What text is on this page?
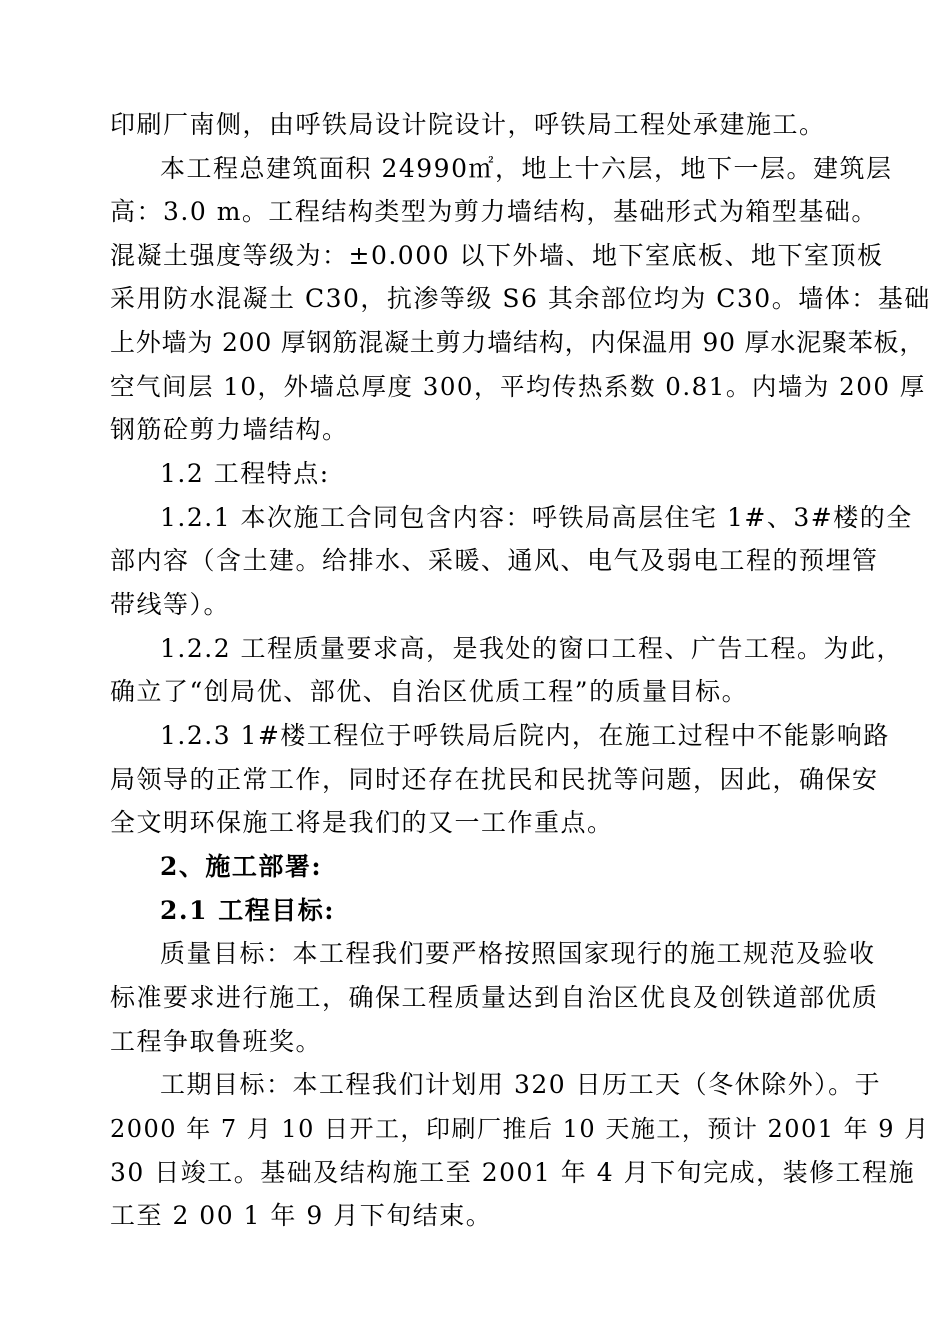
印刷厂南侧，由呼铁局设计院设计，呼铁局工程处承建施工。
本工程总建筑面积 24990㎡，地上十六层，地下一层。建筑层
高：3.0 m。工程结构类型为剪力墙结构，基础形式为箱型基础。
混凝土强度等级为：±0.000 以下外墙、地下室底板、地下室顶板
采用防水混凝土 C30，抗渗等级 S6 其余部位均为 C30。墙体：基础
上外墙为 200 厚钢筋混凝土剪力墙结构，内保温用 90 厚水泥聚苯板，
空气间层 10，外墙总厚度 300，平均传热系数 0.81。内墙为 200 厚
钢筋砼剪力墙结构。
1.2 工程特点:
1.2.1 本次施工合同包含内容：呼铁局高层住宅 1#、3#楼的全
部内容（含土建。给排水、采暖、通风、电气及弱电工程的预埋管
带线等）。
1.2.2 工程质量要求高，是我处的窗口工程、广告工程。为此，
确立了“创局优、部优、自治区优质工程”的质量目标。
1.2.3 1#楼工程位于呼铁局后院内，在施工过程中不能影响路
局领导的正常工作，同时还存在扰民和民扰等问题，因此，确保安
全文明环保施工将是我们的又一工作重点。
2、施工部署:
2.1 工程目标:
质量目标：本工程我们要严格按照国家现行的施工规范及验收
标准要求进行施工，确保工程质量达到自治区优良及创铁道部优质
工程争取鲁班奖。
工期目标：本工程我们计划用 320 日历工天（冬休除外）。于
2000 年 7 月 10 日开工，印刷厂推后 10 天施工，预计 2001 年 9 月
30 日竣工。基础及结构施工至 2001 年 4 月下旬完成，装修工程施
工至 2 00 1 年 9 月下旬结束。
